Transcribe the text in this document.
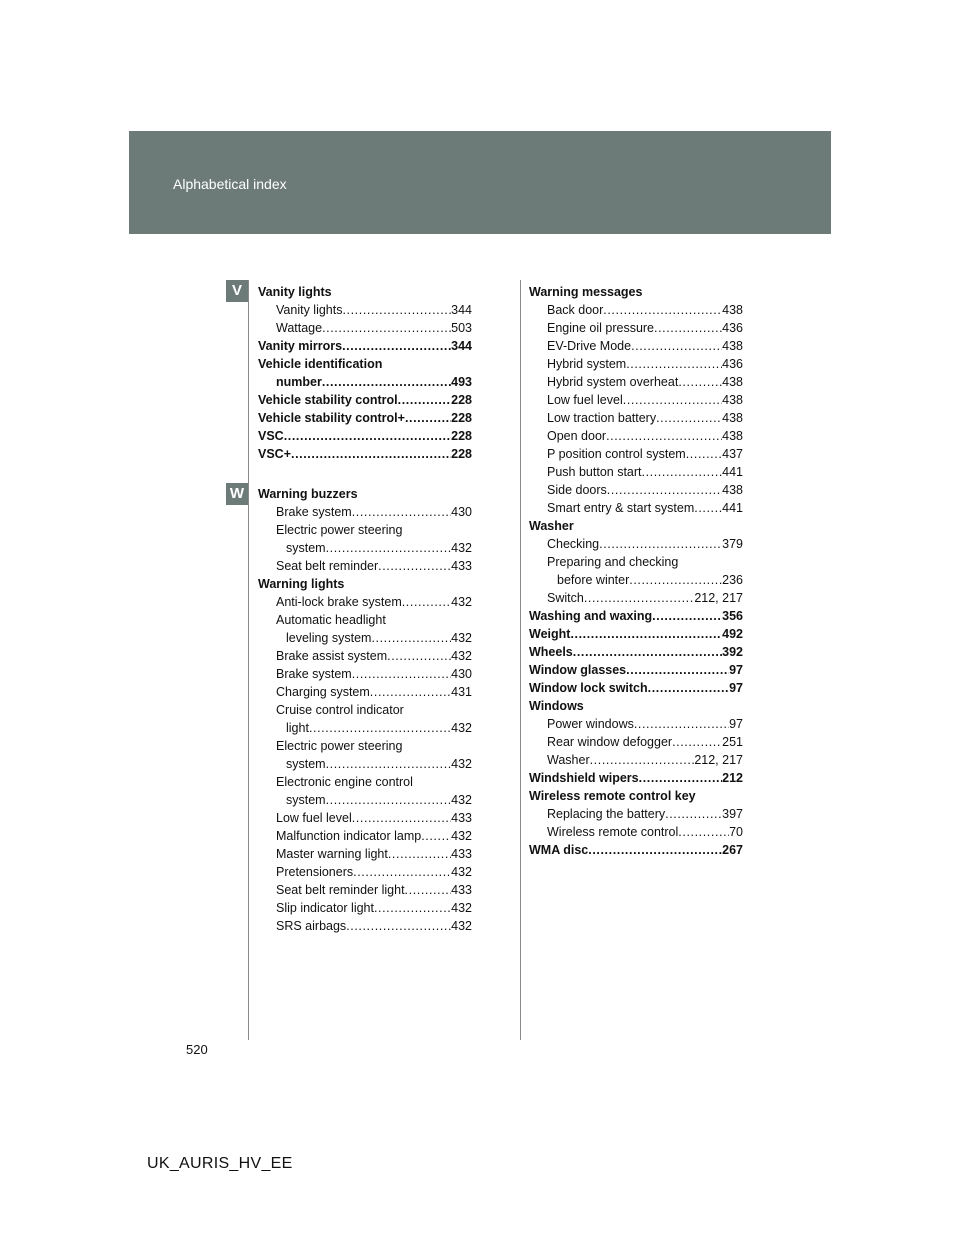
Alphabetical index
V
W
Vanity lights
Vanity lights .....	344
Wattage .....	503
Vanity mirrors .....	344
Vehicle identification
number .....	493
Vehicle stability control .....	228
Vehicle stability control+ .....	228
VSC .....	228
VSC+ .....	228
Warning buzzers
Brake system .....	430
Electric power steering
system .....	432
Seat belt reminder .....	433
Warning lights
Anti-lock brake system .....	432
Automatic headlight
leveling system .....	432
Brake assist system .....	432
Brake system .....	430
Charging system .....	431
Cruise control indicator
light .....	432
Electric power steering
system .....	432
Electronic engine control
system .....	432
Low fuel level .....	433
Malfunction indicator lamp ..... 432
Master warning light .....	433
Pretensioners .....	432
Seat belt reminder light .....	433
Slip indicator light .....	432
SRS airbags .....	432
Warning messages
Back door .....	438
Engine oil pressure .....	436
EV-Drive Mode .....	438
Hybrid system .....	436
Hybrid system overheat .....	438
Low fuel level .....	438
Low traction battery .....	438
Open door .....	438
P position control system .....	437
Push button start .....	441
Side doors .....	438
Smart entry & start system ..... 441
Washer
Checking .....	379
Preparing and checking
before winter .....	236
Switch .....	212, 217
Washing and waxing .....	356
Weight .....	492
Wheels .....	392
Window glasses .....	97
Window lock switch .....	97
Windows
Power windows .....	97
Rear window defogger .....	251
Washer .....	212, 217
Windshield wipers .....	212
Wireless remote control key
Replacing the battery .....	397
Wireless remote control .....	70
WMA disc .....	267
520
UK_AURIS_HV_EE
